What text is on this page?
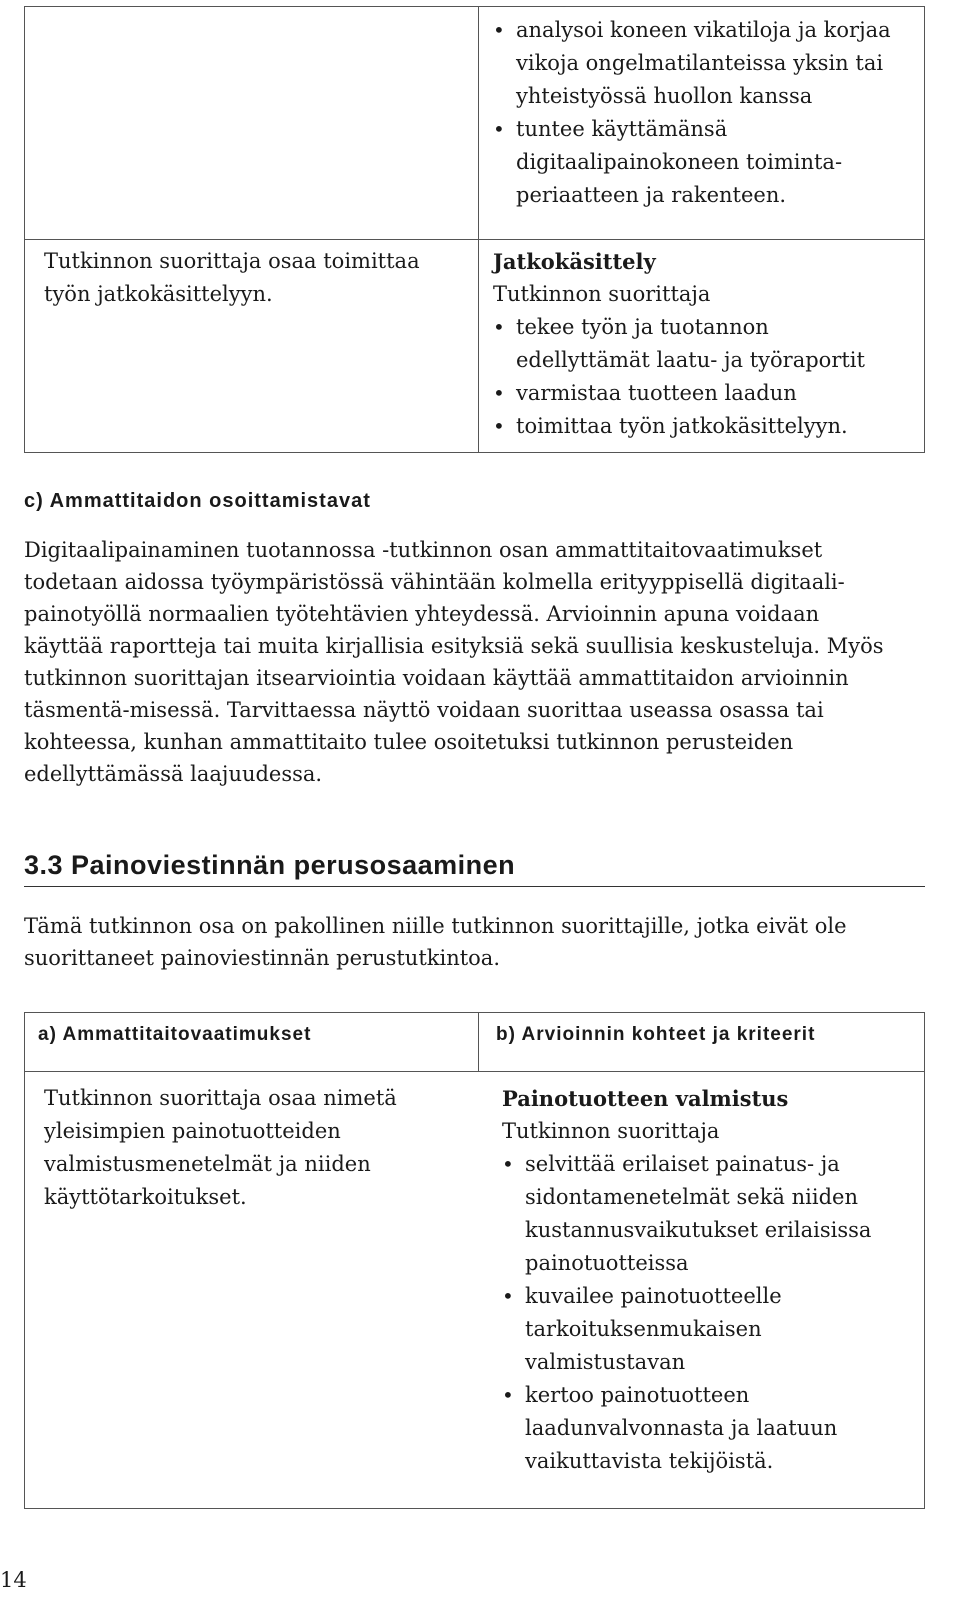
• analysoi koneen vikatiloja ja korjaa vikoja ongelmatilanteissa yksin tai yhteistyössä huollon kanssa
• tuntee käyttämänsä digitaalipainokoneen toiminta-periaatteen ja rakenteen.
Tutkinnon suorittaja osaa toimittaa työn jatkokäsittelyyn.
Jatkokäsittely
Tutkinnon suorittaja
• tekee työn ja tuotannon edellyttämät laatu- ja työraportit
• varmistaa tuotteen laadun
• toimittaa työn jatkokäsittelyyn.
c) Ammattitaidon osoittamistavat
Digitaalipainaminen tuotannossa -tutkinnon osan ammattitaitovaatimukset todetaan aidossa työympäristössä vähintään kolmella erityyppisellä digitaali-painotyöllä normaalien työtehtävien yhteydessä. Arvioinnin apuna voidaan käyttää raportteja tai muita kirjallisia esityksiä sekä suullisia keskusteluja. Myös tutkinnon suorittajan itsearviointia voidaan käyttää ammattitaidon arvioinnin täsmentä-misessä. Tarvittaessa näyttö voidaan suorittaa useassa osassa tai kohteessa, kunhan ammattitaito tulee osoitetuksi tutkinnon perusteiden edellyttämässä laajuudessa.
3.3 Painoviestinnän perusosaaminen
Tämä tutkinnon osa on pakollinen niille tutkinnon suorittajille, jotka eivät ole suorittaneet painoviestinnän perustutkintoa.
a) Ammattitaitovaatimukset	b) Arvioinnin kohteet ja kriteerit
Tutkinnon suorittaja osaa nimetä yleisimpien painotuotteiden valmistusmenetelmät ja niiden käyttötarkoitukset.
Painotuotteen valmistus
Tutkinnon suorittaja
• selvittää erilaiset painatus- ja sidontamenetelmät sekä niiden kustannusvaikutukset erilaisissa painotuotteissa
• kuvailee painotuotteelle tarkoituksenmukaisen valmistustavan
• kertoo painotuotteen laadunvalvonnasta ja laatuun vaikuttavista tekijöistä.
14
